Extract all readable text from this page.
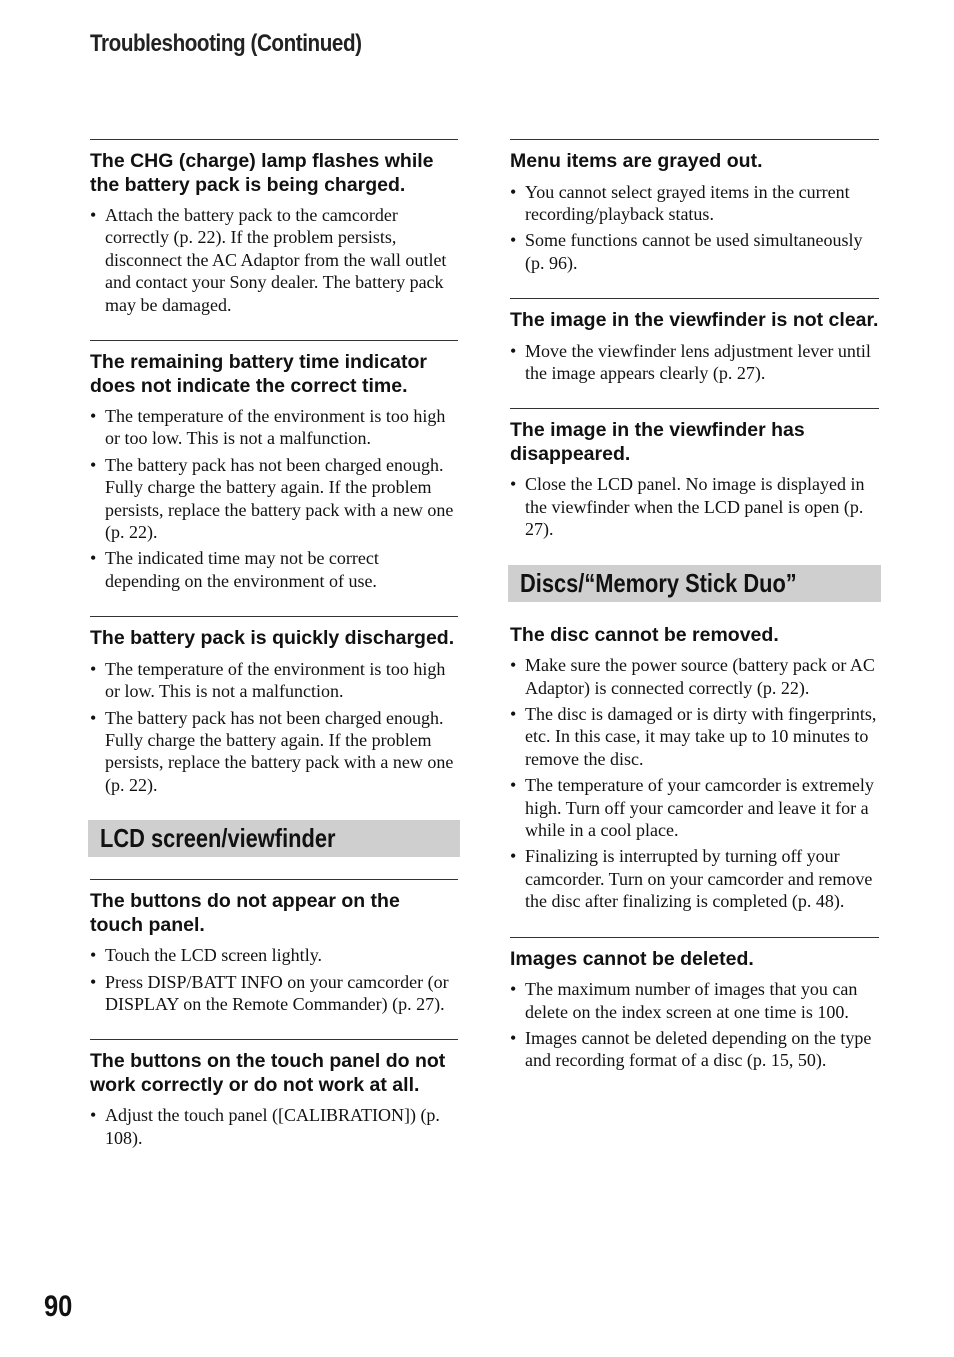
Troubleshooting (Continued)
The CHG (charge) lamp flashes while the battery pack is being charged.
• Attach the battery pack to the camcorder correctly (p. 22). If the problem persists, disconnect the AC Adaptor from the wall outlet and contact your Sony dealer. The battery pack may be damaged.
The remaining battery time indicator does not indicate the correct time.
• The temperature of the environment is too high or too low. This is not a malfunction.
• The battery pack has not been charged enough. Fully charge the battery again. If the problem persists, replace the battery pack with a new one (p. 22).
• The indicated time may not be correct depending on the environment of use.
The battery pack is quickly discharged.
• The temperature of the environment is too high or low. This is not a malfunction.
• The battery pack has not been charged enough. Fully charge the battery again. If the problem persists, replace the battery pack with a new one (p. 22).
LCD screen/viewfinder
The buttons do not appear on the touch panel.
• Touch the LCD screen lightly.
• Press DISP/BATT INFO on your camcorder (or DISPLAY on the Remote Commander) (p. 27).
The buttons on the touch panel do not work correctly or do not work at all.
• Adjust the touch panel ([CALIBRATION]) (p. 108).
Menu items are grayed out.
• You cannot select grayed items in the current recording/playback status.
• Some functions cannot be used simultaneously (p. 96).
The image in the viewfinder is not clear.
• Move the viewfinder lens adjustment lever until the image appears clearly (p. 27).
The image in the viewfinder has disappeared.
• Close the LCD panel. No image is displayed in the viewfinder when the LCD panel is open (p. 27).
Discs/“Memory Stick Duo”
The disc cannot be removed.
• Make sure the power source (battery pack or AC Adaptor) is connected correctly (p. 22).
• The disc is damaged or is dirty with fingerprints, etc. In this case, it may take up to 10 minutes to remove the disc.
• The temperature of your camcorder is extremely high. Turn off your camcorder and leave it for a while in a cool place.
• Finalizing is interrupted by turning off your camcorder. Turn on your camcorder and remove the disc after finalizing is completed (p. 48).
Images cannot be deleted.
• The maximum number of images that you can delete on the index screen at one time is 100.
• Images cannot be deleted depending on the type and recording format of a disc (p. 15, 50).
90
